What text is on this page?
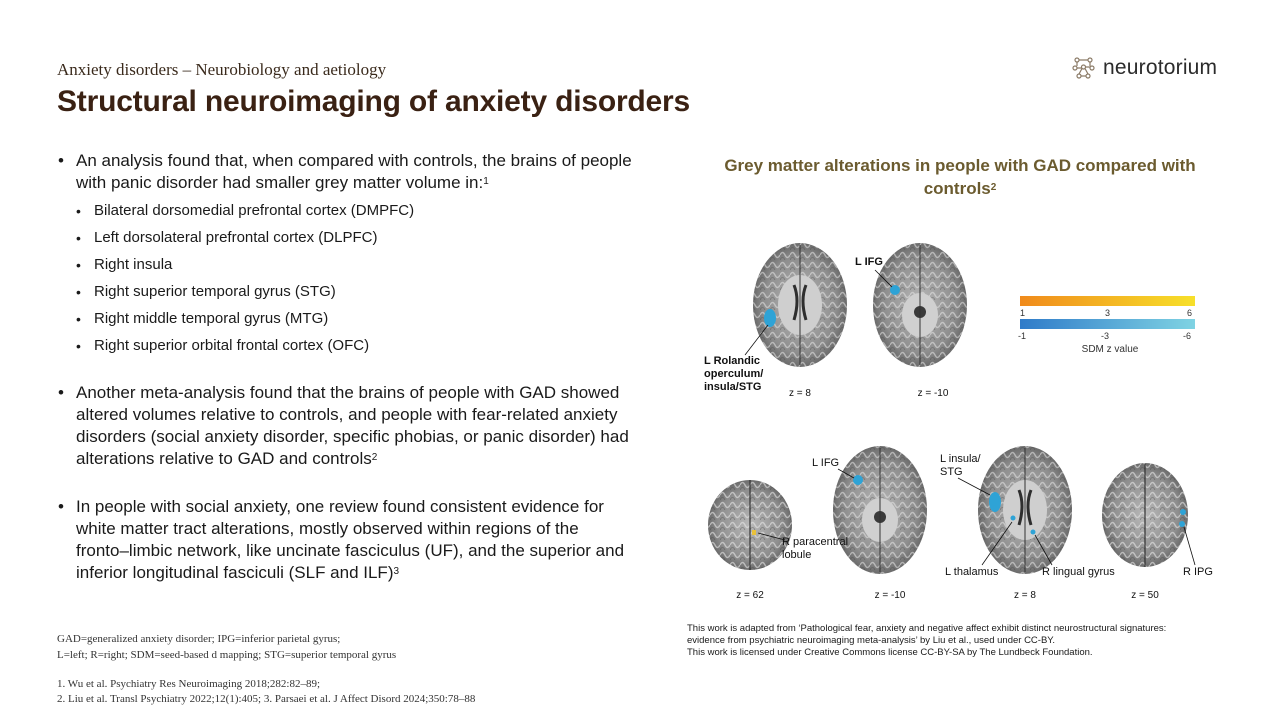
Anxiety disorders – Neurobiology and aetiology
Structural neuroimaging of anxiety disorders
neurotorium
• An analysis found that, when compared with controls, the brains of people with panic disorder had smaller grey matter volume in:$^1$
• Bilateral dorsomedial prefrontal cortex (DMPFC)
• Left dorsolateral prefrontal cortex (DLPFC)
• Right insula
• Right superior temporal gyrus (STG)
• Right middle temporal gyrus (MTG)
• Right superior orbital frontal cortex (OFC)
• Another meta-analysis found that the brains of people with GAD showed altered volumes relative to controls, and people with fear-related anxiety disorders (social anxiety disorder, specific phobias, or panic disorder) had alterations relative to GAD and controls$^2$
• In people with social anxiety, one review found consistent evidence for white matter tract alterations, mostly observed within regions of the fronto–limbic network, like uncinate fasciculus (UF), and the superior and inferior longitudinal fasciculi (SLF and ILF)$^3$
GAD=generalized anxiety disorder; IPG=inferior parietal gyrus;
L=left; R=right; SDM=seed-based d mapping; STG=superior temporal gyrus
1. Wu et al. Psychiatry Res Neuroimaging 2018;282:82–89;
2. Liu et al. Transl Psychiatry 2022;12(1):405; 3. Parsaei et al. J Affect Disord 2024;350:78–88
Grey matter alterations in people with GAD compared with controls$^2$
1	3	6
-1	-3	-6
SDM z value
L Rolandic
operculum/
insula/STG
L IFG
z = 8	z = -10
L IFG	L insula/
STG
R paracentral
lobule
L thalamus	R lingual gyrus	R IPG
z = 62	z = -10	z = 8	z = 50
This work is adapted from ‘Pathological fear, anxiety and negative affect exhibit distinct neurostructural signatures:
evidence from psychiatric neuroimaging meta-analysis’ by Liu et al., used under CC-BY.
This work is licensed under Creative Commons license CC-BY-SA by The Lundbeck Foundation.
